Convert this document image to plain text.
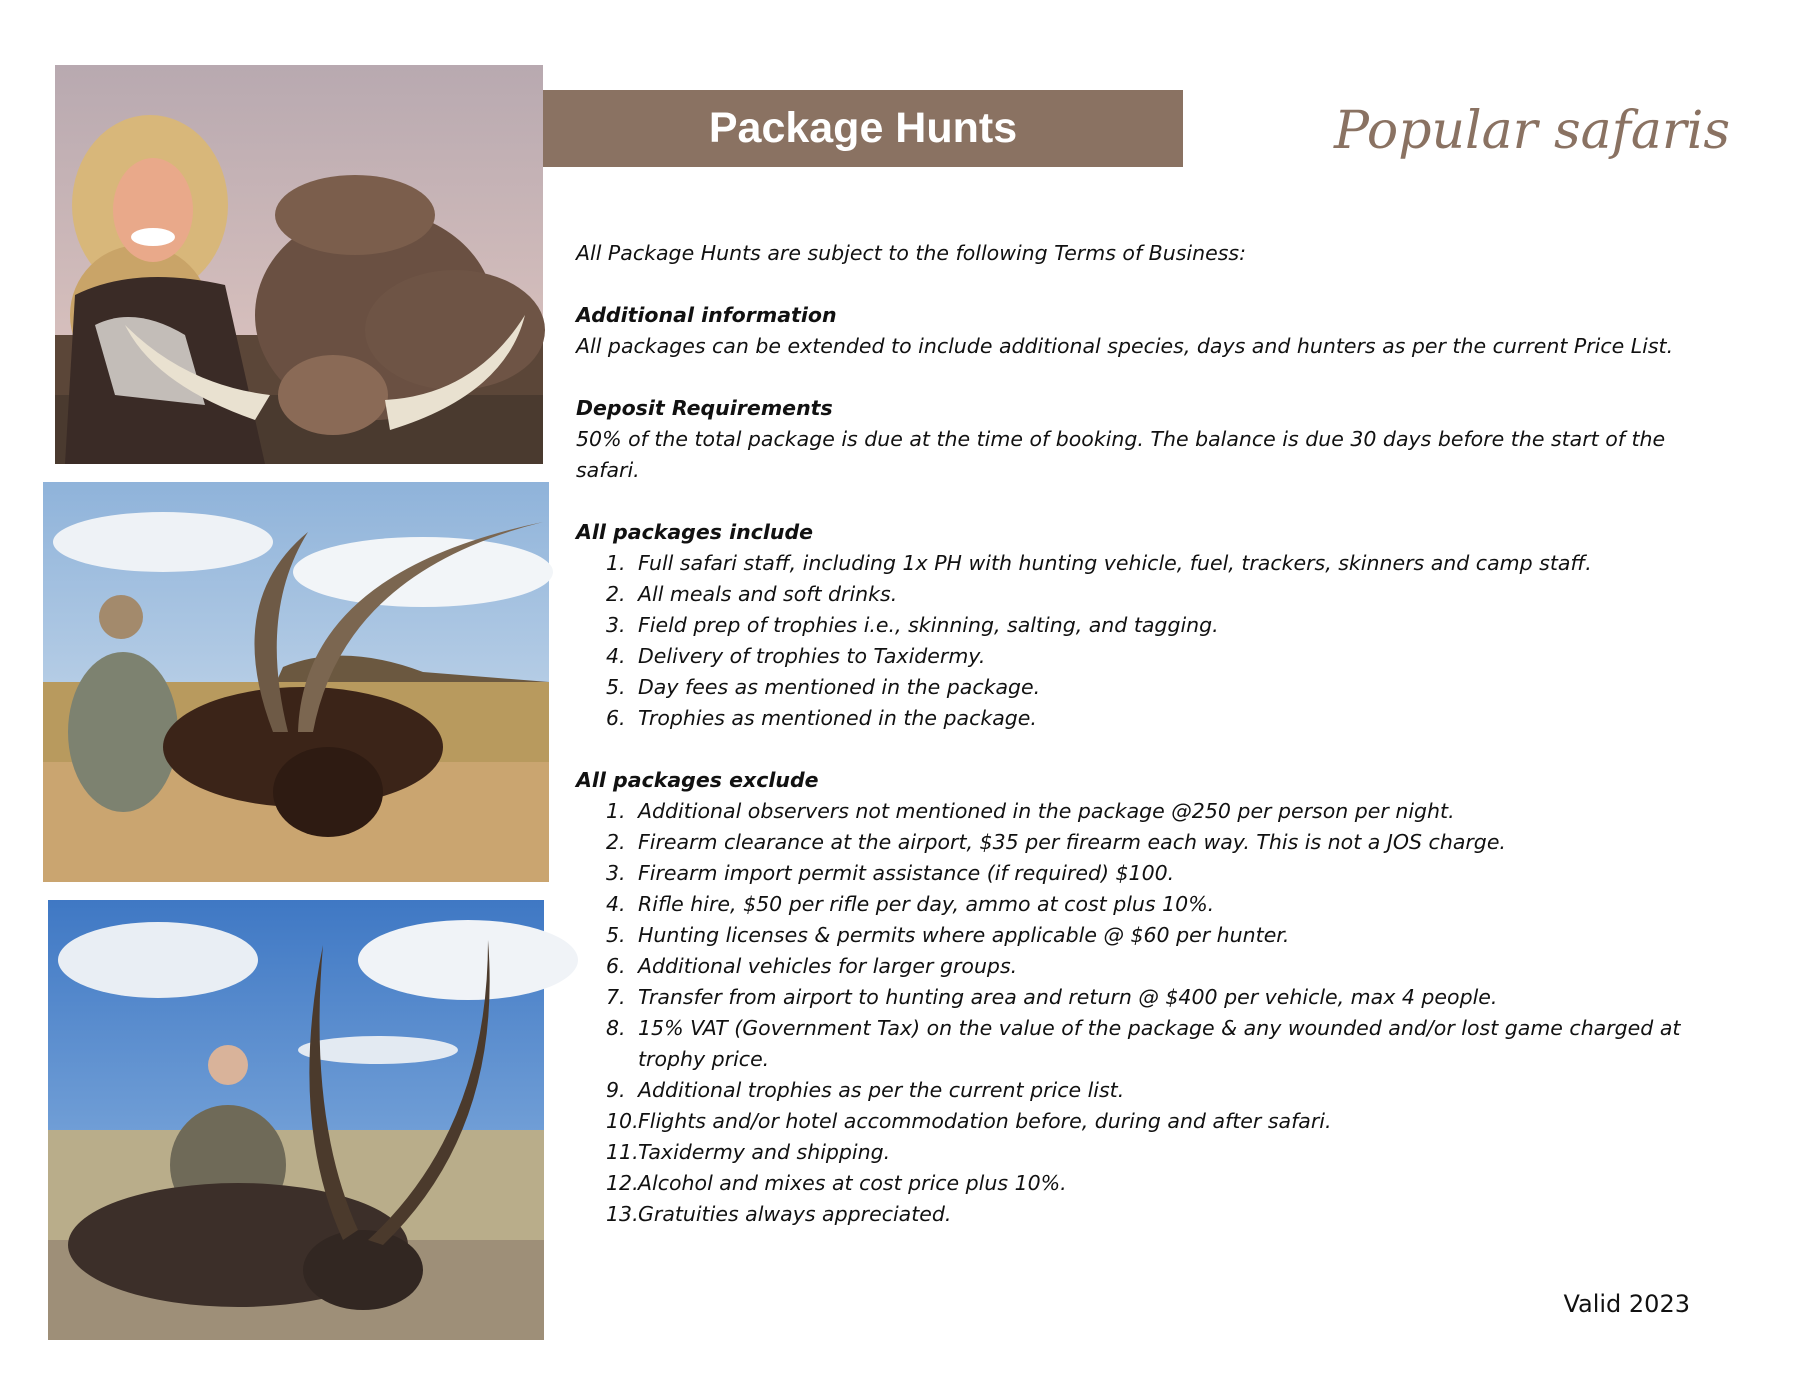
Package Hunts	Popular safaris

All Package Hunts are subject to the following Terms of Business:

Additional information

All packages can be extended to include additional species, days and hunters as per the current Price List.

Deposit Requirements

50% of the total package is due at the time of booking. The balance is due 30 days before the start of the safari.

All packages include

1. Full safari staff, including 1x PH with hunting vehicle, fuel, trackers, skinners and camp staff.
2. All meals and soft drinks.
3. Field prep of trophies i.e., skinning, salting, and tagging.
4. Delivery of trophies to Taxidermy.
5. Day fees as mentioned in the package.
6. Trophies as mentioned in the package.

All packages exclude

1. Additional observers not mentioned in the package @250 per person per night.
2. Firearm clearance at the airport, $35 per firearm each way. This is not a JOS charge.
3. Firearm import permit assistance (if required) $100.
4. Rifle hire, $50 per rifle per day, ammo at cost plus 10%.
5. Hunting licenses & permits where applicable @ $60 per hunter.
6. Additional vehicles for larger groups.
7. Transfer from airport to hunting area and return @ $400 per vehicle, max 4 people.
8. 15% VAT (Government Tax) on the value of the package & any wounded and/or lost game charged at trophy price.
9. Additional trophies as per the current price list.
10. Flights and/or hotel accommodation before, during and after safari.
11. Taxidermy and shipping.
12. Alcohol and mixes at cost price plus 10%.
13. Gratuities always appreciated.
Valid 2023
